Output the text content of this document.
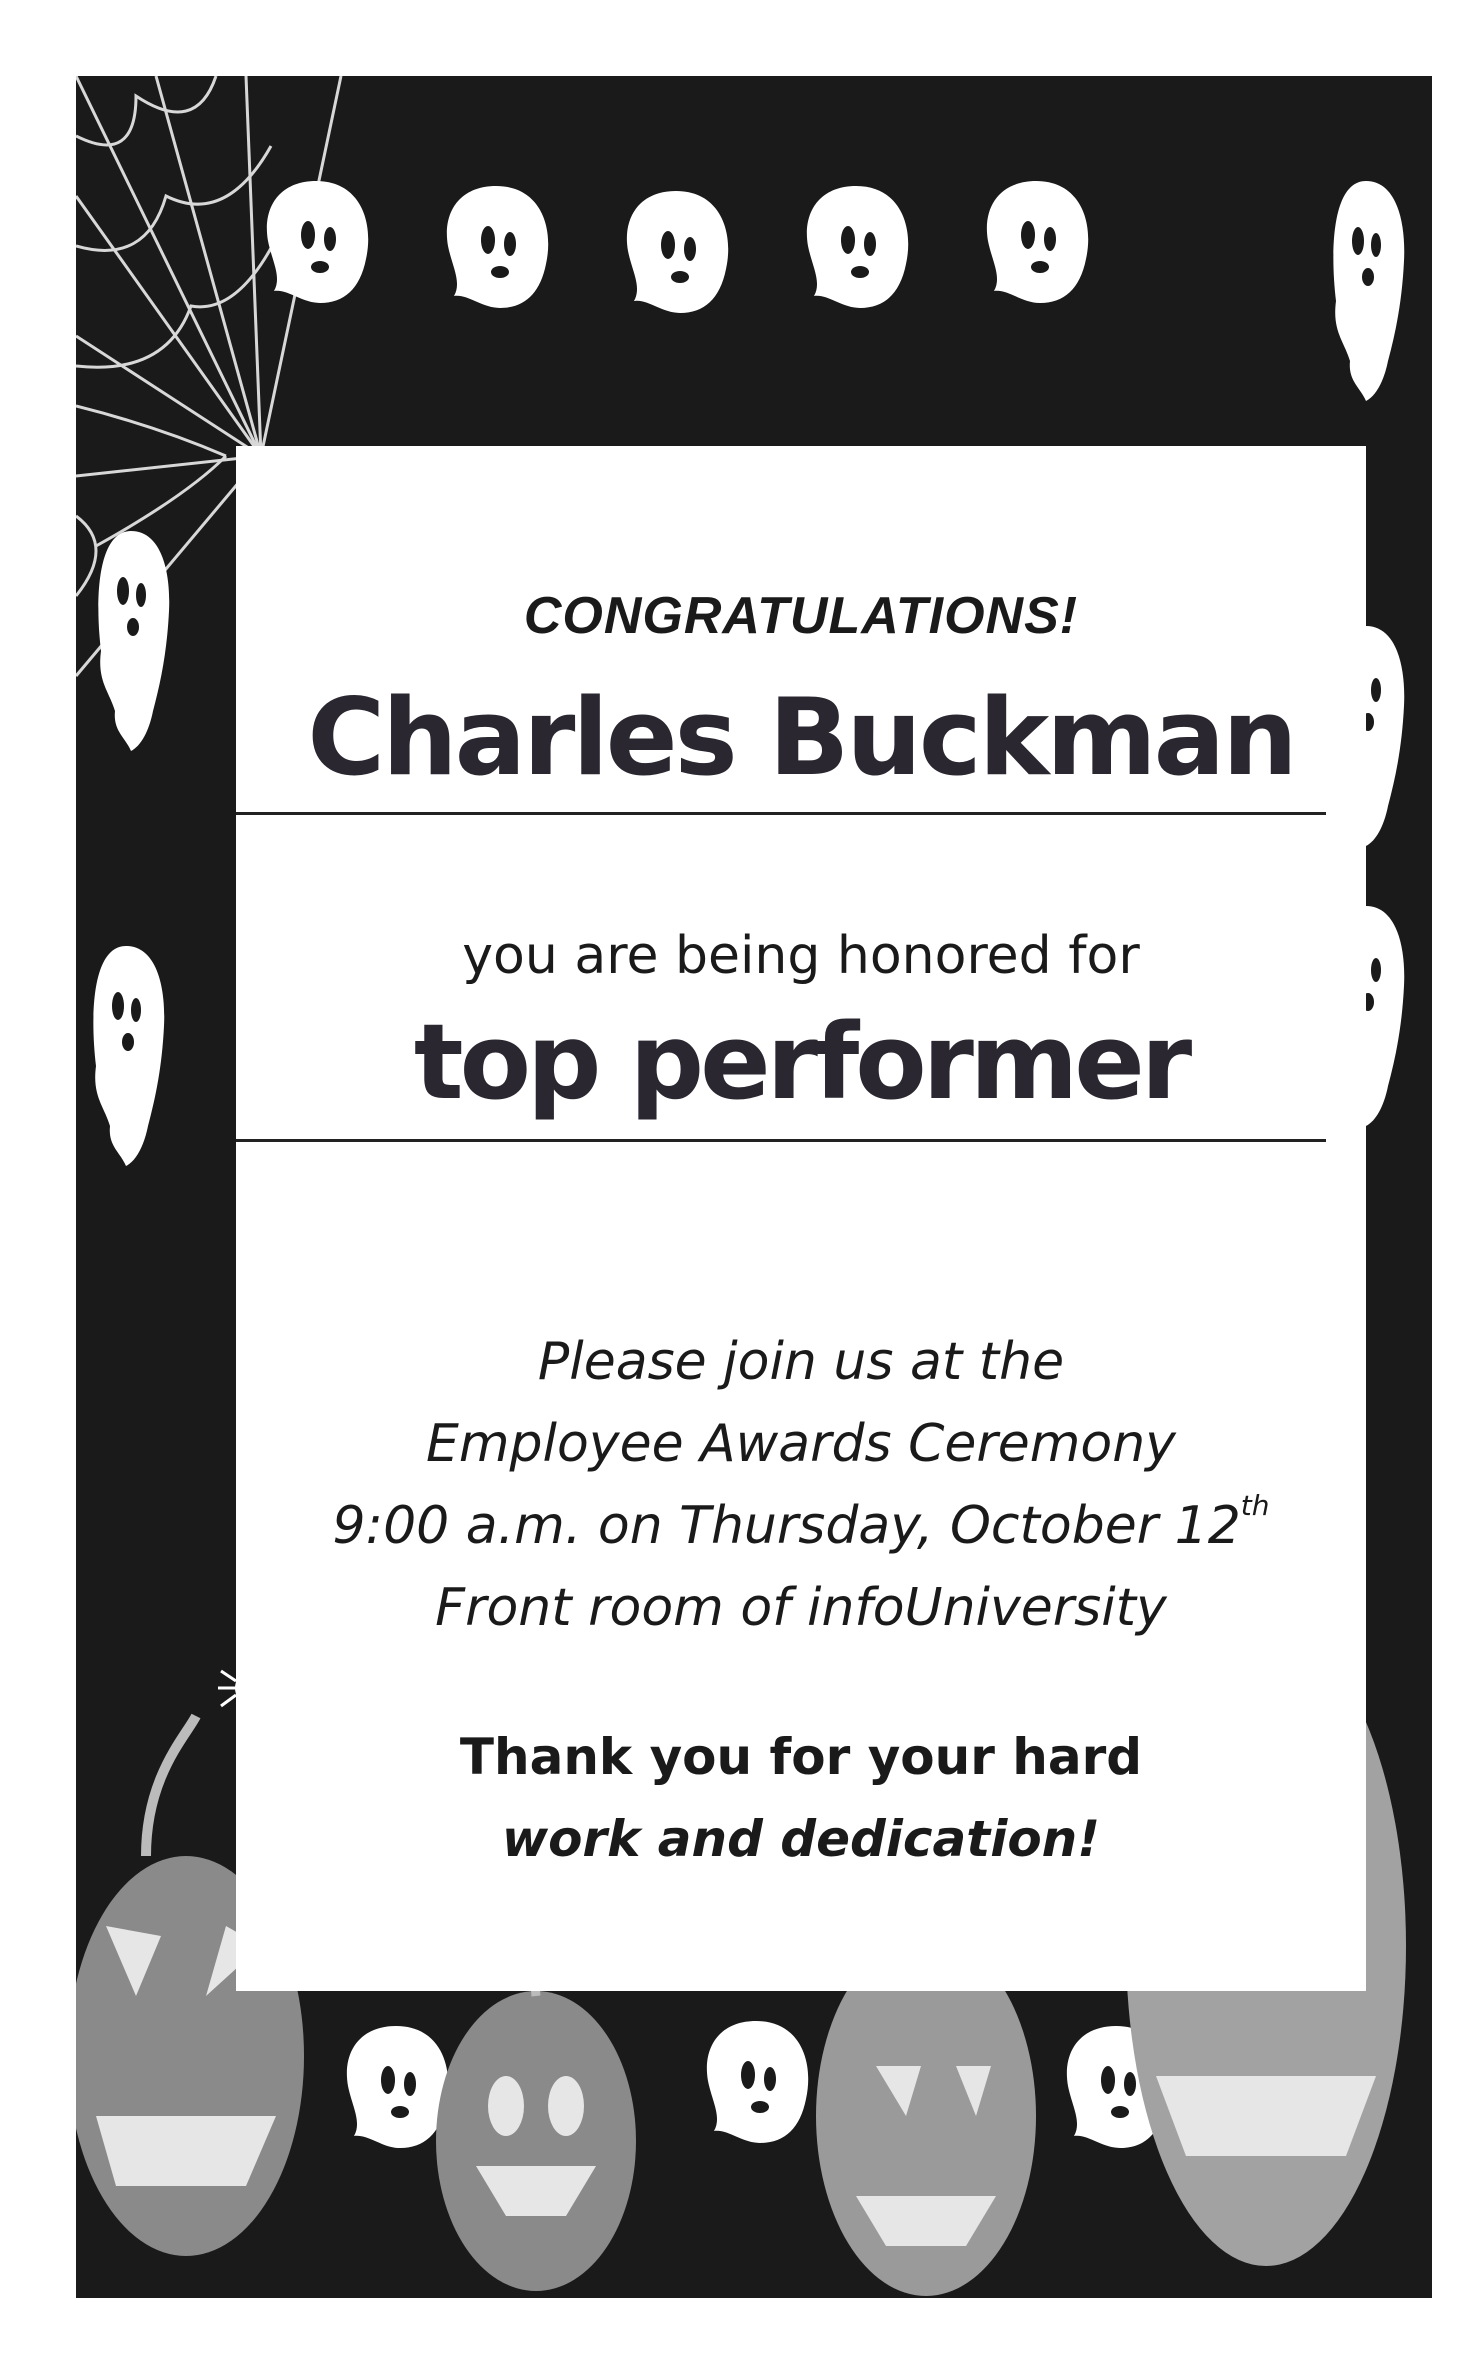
CONGRATULATIONS!
Charles Buckman
you are being honored for
top performer
Please join us at the
Employee Awards Ceremony
9:00 a.m. on Thursday, October 12th
Front room of infoUniversity
Thank you for your hard
work and dedication!
